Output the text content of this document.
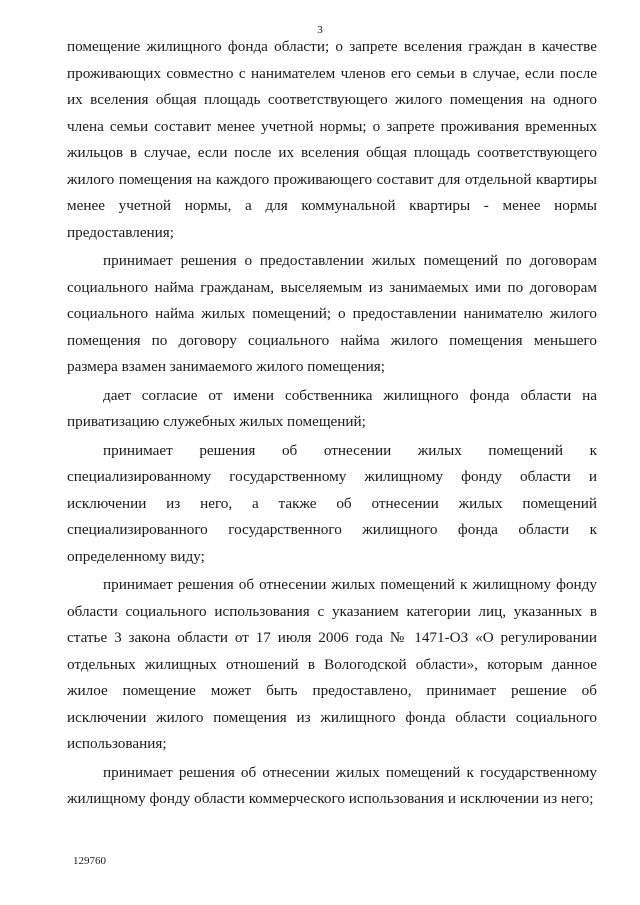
3

помещение жилищного фонда области; о запрете вселения граждан в качестве проживающих совместно с нанимателем членов его семьи в случае, если после их вселения общая площадь соответствующего жилого помещения на одного члена семьи составит менее учетной нормы; о запрете проживания временных жильцов в случае, если после их вселения общая площадь соответствующего жилого помещения на каждого проживающего составит для отдельной квартиры менее учетной нормы, а для коммунальной квартиры - менее нормы предоставления;

принимает решения о предоставлении жилых помещений по договорам социального найма гражданам, выселяемым из занимаемых ими по договорам социального найма жилых помещений; о предоставлении нанимателю жилого помещения по договору социального найма жилого помещения меньшего размера взамен занимаемого жилого помещения;

дает согласие от имени собственника жилищного фонда области на приватизацию служебных жилых помещений;

принимает решения об отнесении жилых помещений к специализированному государственному жилищному фонду области и исключении из него, а также об отнесении жилых помещений специализированного государственного жилищного фонда области к определенному виду;

принимает решения об отнесении жилых помещений к жилищному фонду области социального использования с указанием категории лиц, указанных в статье 3 закона области от 17 июля 2006 года № 1471-ОЗ «О регулировании отдельных жилищных отношений в Вологодской области», которым данное жилое помещение может быть предоставлено, принимает решение об исключении жилого помещения из жилищного фонда области социального использования;

принимает решения об отнесении жилых помещений к государственному жилищному фонду области коммерческого использования и исключении из него;

129760
